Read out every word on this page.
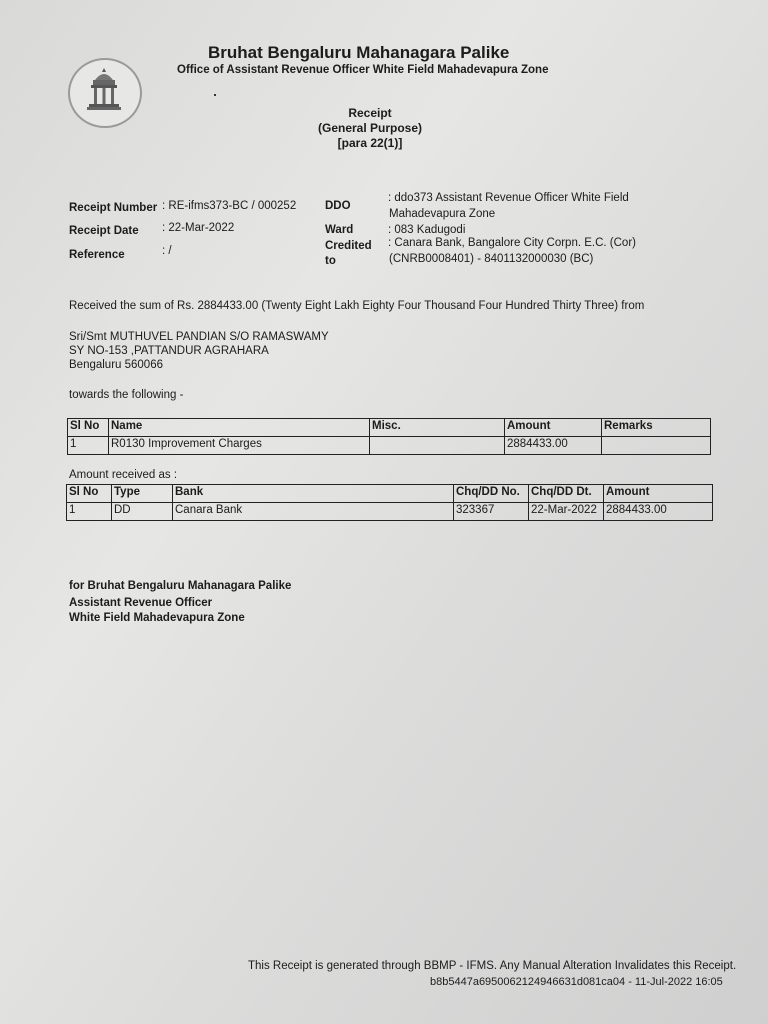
Bruhat Bengaluru Mahanagara Palike
Office of Assistant Revenue Officer White Field Mahadevapura Zone
Receipt
(General Purpose)
[para 22(1)]
Receipt Number : RE-ifms373-BC / 000252
Receipt Date : 22-Mar-2022
Reference	: /
DDO
: ddo373 Assistant Revenue Officer White Field
Mahadevapura Zone
Ward	: 083 Kadugodi
Credited
to
: Canara Bank, Bangalore City Corpn. E.C. (Cor)
(CNRB0008401) - 8401132000030 (BC)
Received the sum of Rs. 2884433.00 (Twenty Eight Lakh Eighty Four Thousand Four Hundred Thirty Three) from
Sri/Smt MUTHUVEL PANDIAN S/O RAMASWAMY
SY NO-153 ,PATTANDUR AGRAHARA
Bengaluru 560066
towards the following -
Sl No	Name	Misc.	Amount	Remarks
1	R0130 Improvement Charges		2884433.00	
Amount received as :
Sl No	Type	Bank	Chq/DD No.	Chq/DD Dt.	Amount
1	DD	Canara Bank	323367	22-Mar-2022	2884433.00
for Bruhat Bengaluru Mahanagara Palike
Assistant Revenue Officer
White Field Mahadevapura Zone
This Receipt is generated through BBMP - IFMS. Any Manual Alteration Invalidates this Receipt.
b8b5447a6950062124946631d081ca04 - 11-Jul-2022 16:05
